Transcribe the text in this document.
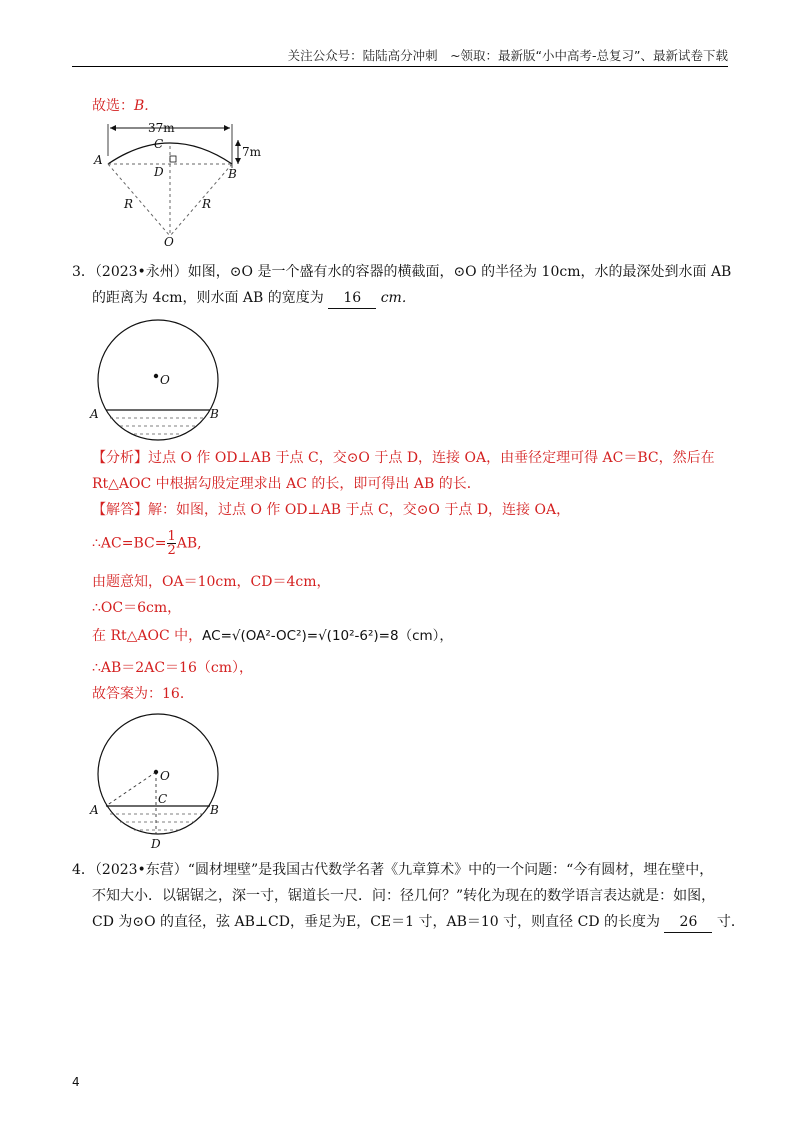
关注公众号：陆陆高分冲刺　~领取：最新版“小中高考-总复习”、最新试卷下载
故选：B.
37m
7m
A
B
C
D
O
R	R
3．（2023•永州）如图，⊙O 是一个盛有水的容器的横截面，⊙O 的半径为 10cm，水的最深处到水面 AB
的距离为 4cm，则水面 AB 的宽度为 16 cm．
O
A	B
【分析】过点 O 作 OD⊥AB 于点 C，交⊙O 于点 D，连接 OA，由垂径定理可得 AC＝BC，然后在
Rt△AOC 中根据勾股定理求出 AC 的长，即可得出 AB 的长．
【解答】解：如图，过点 O 作 OD⊥AB 于点 C，交⊙O 于点 D，连接 OA，
∴AC=BC= $\frac{1}{2}$ AB,
由题意知，OA＝10cm，CD＝4cm，
∴OC＝6cm，
在 Rt△AOC 中，AC=√(OA²-OC²)=√(10²-6²)=8（cm），
∴AB＝2AC＝16（cm），
故答案为：16．
O
C
A	B
D
4．（2023•东营）“圆材埋壁”是我国古代数学名著《九章算术》中的一个问题：“今有圆材，埋在壁中，
不知大小．以锯锯之，深一寸，锯道长一尺．问：径几何？”转化为现在的数学语言表达就是：如图，
CD 为⊙O 的直径，弦 AB⊥CD，垂足为E，CE＝1 寸，AB＝10 寸，则直径 CD 的长度为 26 寸．
4
